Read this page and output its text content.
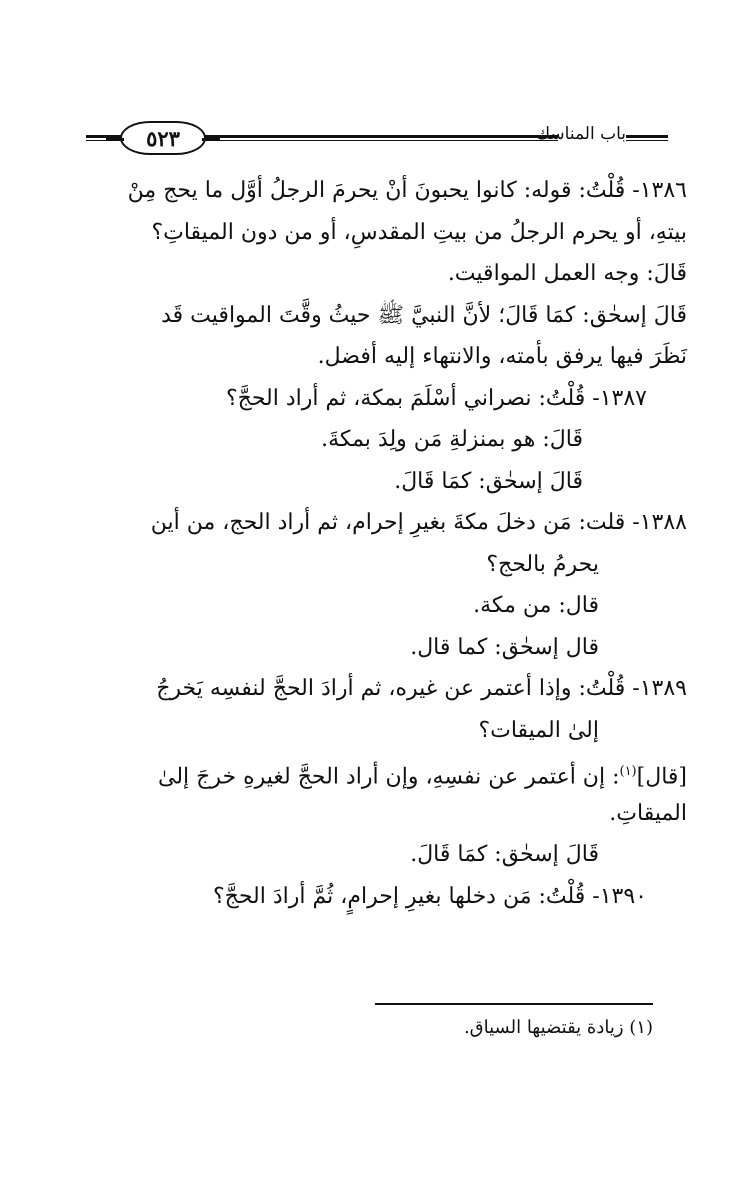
٥٢٣	باب المناسك
١٣٨٦- قُلْتُ: قوله: كانوا يحبونَ أنْ يحرمَ الرجلُ أوَّل ما يحج مِنْ
بيتهِ، أو يحرم الرجلُ من بيتِ المقدسِ، أو من دون الميقاتِ؟
قَالَ: وجه العمل المواقيت.
قَالَ إسحٰق: كمَا قَالَ؛ لأنَّ النبيَّ ﷺ حيثُ وقَّتَ المواقيت قَد
نَظَرَ فيها يرفق بأمته، والانتهاء إليه أفضل.
١٣٨٧- قُلْتُ: نصراني أسْلَمَ بمكة، ثم أراد الحجَّ؟
قَالَ: هو بمنزلةِ مَن ولِدَ بمكةَ.
قَالَ إسحٰق: كمَا قَالَ.
١٣٨٨- قلت: مَن دخلَ مكةَ بغيرِ إحرام، ثم أراد الحج، من أين
يحرمُ بالحج؟
قال: من مكة.
قال إسحٰق: كما قال.
١٣٨٩- قُلْتُ: وإذا أعتمر عن غيره، ثم أرادَ الحجَّ لنفسِه يَخرجُ
إلىٰ الميقات؟
[قال]$^{(١)}$: إن أعتمر عن نفسِهِ، وإن أراد الحجَّ لغيرهِ خرجَ إلىٰ
الميقاتِ.
قَالَ إسحٰق: كمَا قَالَ.
١٣٩٠- قُلْتُ: مَن دخلها بغيرِ إحرامٍ، ثُمَّ أرادَ الحجَّ؟
(١) زيادة يقتضيها السياق.
